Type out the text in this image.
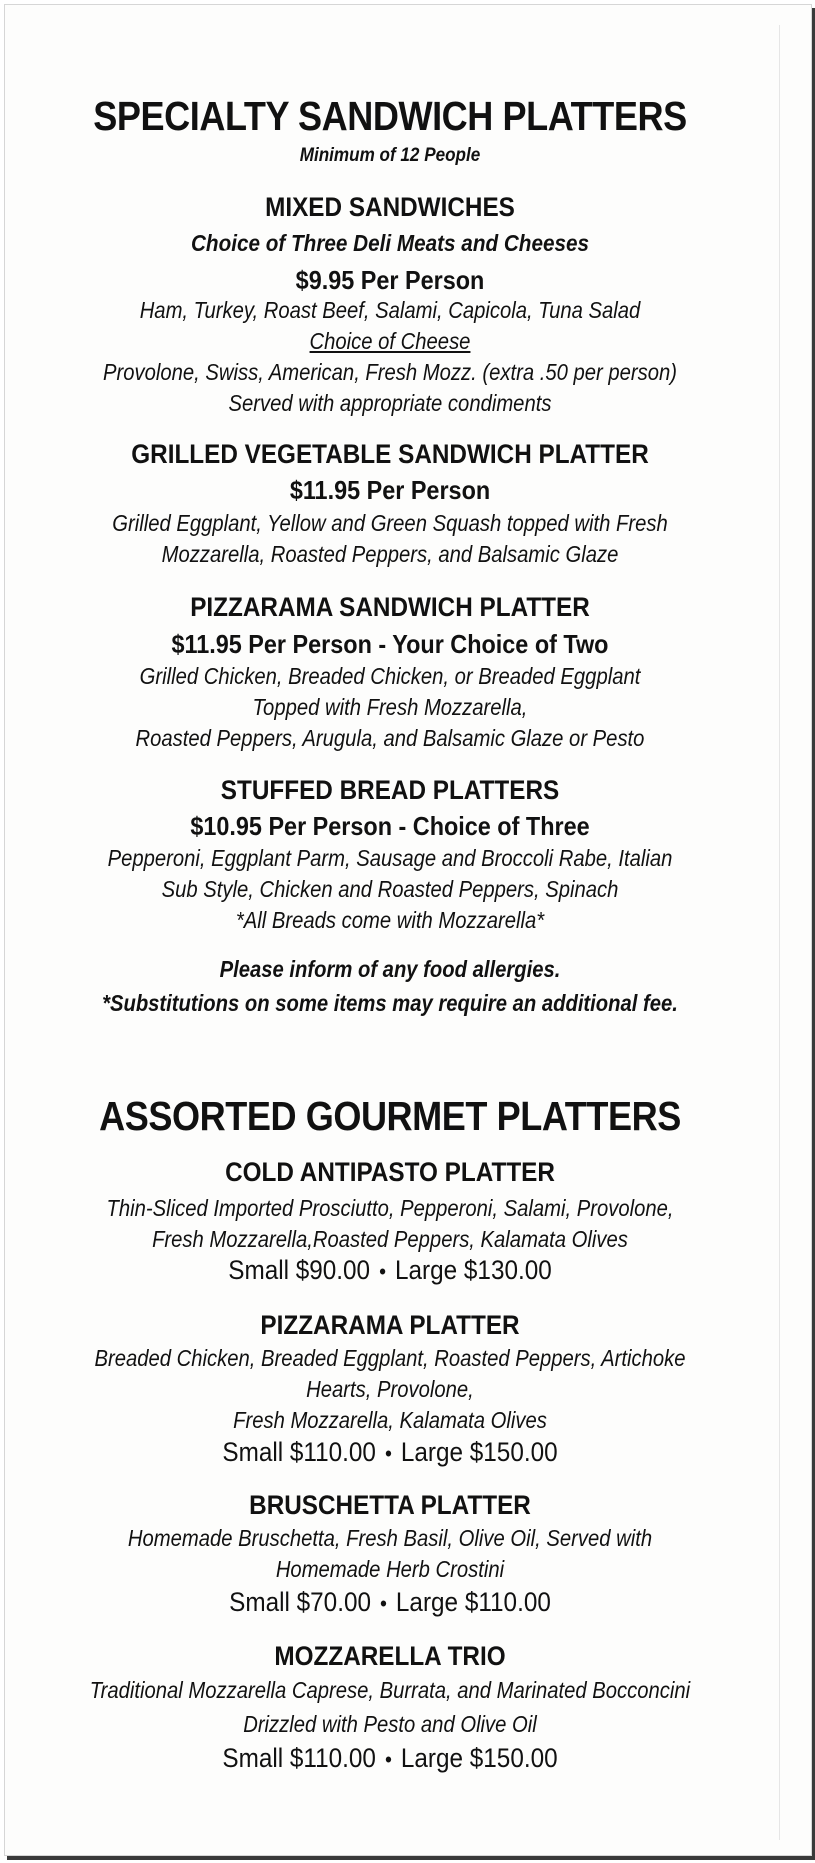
SPECIALTY SANDWICH PLATTERS
Minimum of 12 People
MIXED SANDWICHES
Choice of Three Deli Meats and Cheeses
$9.95 Per Person
Ham, Turkey, Roast Beef, Salami, Capicola, Tuna Salad
Choice of Cheese
Provolone, Swiss, American, Fresh Mozz. (extra .50 per person)
Served with appropriate condiments
GRILLED VEGETABLE SANDWICH PLATTER
$11.95 Per Person
Grilled Eggplant, Yellow and Green Squash topped with Fresh
Mozzarella, Roasted Peppers, and Balsamic Glaze
PIZZARAMA SANDWICH PLATTER
$11.95 Per Person - Your Choice of Two
Grilled Chicken, Breaded Chicken, or Breaded Eggplant
Topped with Fresh Mozzarella,
Roasted Peppers, Arugula, and Balsamic Glaze or Pesto
STUFFED BREAD PLATTERS
$10.95 Per Person - Choice of Three
Pepperoni, Eggplant Parm, Sausage and Broccoli Rabe, Italian
Sub Style, Chicken and Roasted Peppers, Spinach
*All Breads come with Mozzarella*
Please inform of any food allergies.
*Substitutions on some items may require an additional fee.
ASSORTED GOURMET PLATTERS
COLD ANTIPASTO PLATTER
Thin-Sliced Imported Prosciutto, Pepperoni, Salami, Provolone,
Fresh Mozzarella,Roasted Peppers, Kalamata Olives
Small $90.00 • Large $130.00
PIZZARAMA PLATTER
Breaded Chicken, Breaded Eggplant, Roasted Peppers, Artichoke
Hearts, Provolone,
Fresh Mozzarella, Kalamata Olives
Small $110.00 • Large $150.00
BRUSCHETTA PLATTER
Homemade Bruschetta, Fresh Basil, Olive Oil, Served with
Homemade Herb Crostini
Small $70.00 • Large $110.00
MOZZARELLA TRIO
Traditional Mozzarella Caprese, Burrata, and Marinated Bocconcini
Drizzled with Pesto and Olive Oil
Small $110.00 • Large $150.00
